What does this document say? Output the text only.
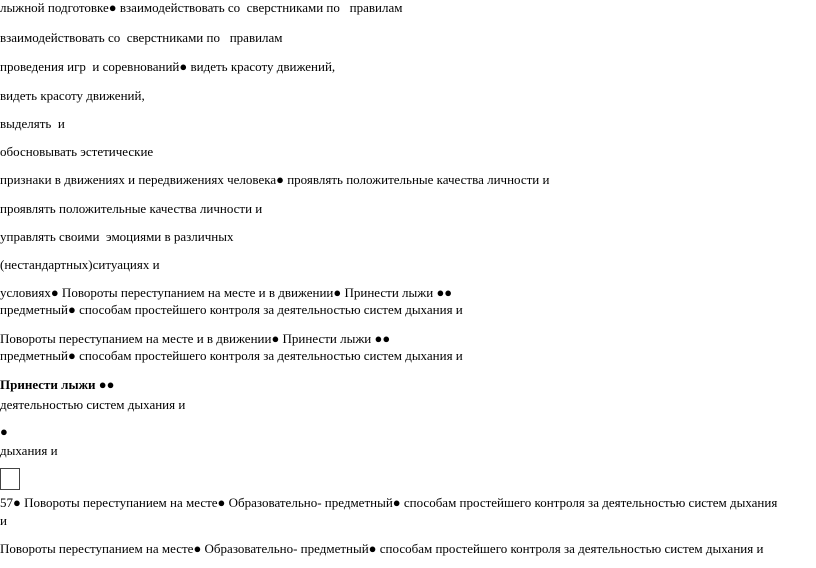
лыжной подготовке● взаимодействовать со  сверстниками по   правилам
взаимодействовать со  сверстниками по   правилам
проведения игр  и соревнований● видеть красоту движений,
видеть красоту движений,
выделять  и
обосновывать эстетические
признаки в движениях и передвижениях человека● проявлять положительные качества личности и
проявлять положительные качества личности и
управлять своими  эмоциями в различных
(нестандартных)ситуациях и
условиях● Повороты переступанием на месте и в движении● Принести лыжи ●●
предметный● способам простейшего контроля за деятельностью систем дыхания и
Повороты переступанием на месте и в движении● Принести лыжи ●●
предметный● способам простейшего контроля за деятельностью систем дыхания и
Принести лыжи ●●
деятельностью систем дыхания и
●
дыхания и
57● Повороты переступанием на месте● Образовательно- предметный● способам простейшего контроля за деятельностью систем дыхания
и
Повороты переступанием на месте● Образовательно- предметный● способам простейшего контроля за деятельностью систем дыхания и
